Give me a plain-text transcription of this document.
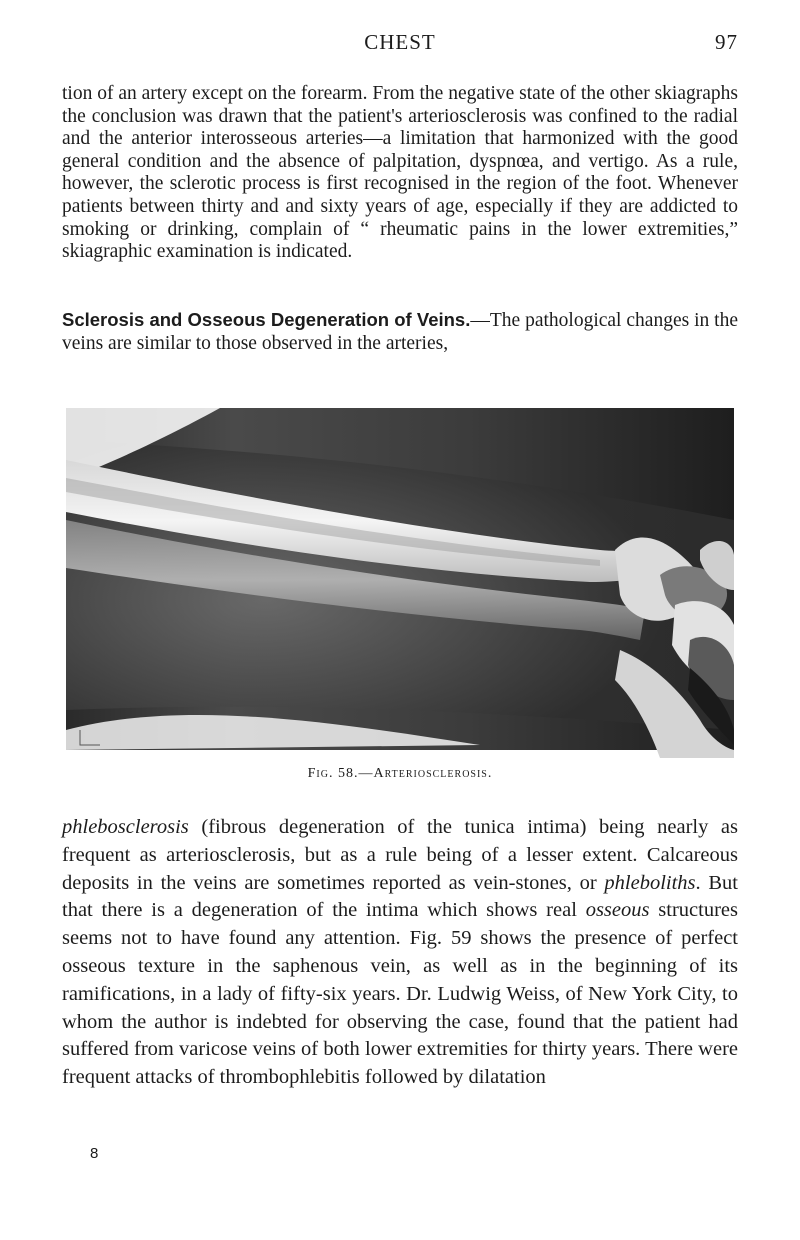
CHEST	97

tion of an artery except on the forearm. From the negative state of the other skiagraphs the conclusion was drawn that the patient's arteriosclerosis was confined to the radial and the anterior interosseous arteries—a limitation that harmonized with the good general condition and the absence of palpitation, dyspnœa, and vertigo. As a rule, however, the sclerotic process is first recognised in the region of the foot. Whenever patients between thirty and and sixty years of age, especially if they are addicted to smoking or drinking, complain of “ rheumatic pains in the lower extremities,” skiagraphic examination is indicated.

Sclerosis and Osseous Degeneration of Veins.—The pathological changes in the veins are similar to those observed in the arteries,

Fig. 58.—Arteriosclerosis.

phlebosclerosis (fibrous degeneration of the tunica intima) being nearly as frequent as arteriosclerosis, but as a rule being of a lesser extent. Calcareous deposits in the veins are sometimes reported as vein-stones, or phleboliths. But that there is a degeneration of the intima which shows real osseous structures seems not to have found any attention. Fig. 59 shows the presence of perfect osseous texture in the saphenous vein, as well as in the beginning of its ramifications, in a lady of fifty-six years. Dr. Ludwig Weiss, of New York City, to whom the author is indebted for observing the case, found that the patient had suffered from varicose veins of both lower extremities for thirty years. There were frequent attacks of thrombophlebitis followed by dilatation

8
